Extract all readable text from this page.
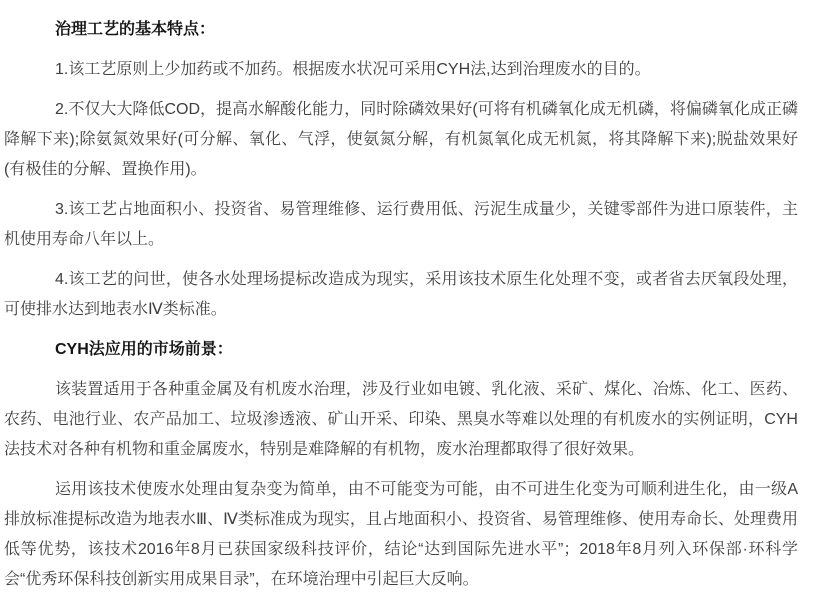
治理工艺的基本特点：

1.该工艺原则上少加药或不加药。根据废水状况可采用CYH法,达到治理废水的目的。

2.不仅大大降低COD，提高水解酸化能力，同时除磷效果好(可将有机磷氧化成无机磷，将偏磷氧化成正磷降解下来);除氨氮效果好(可分解、氧化、气浮，使氨氮分解，有机氮氧化成无机氮，将其降解下来);脱盐效果好(有极佳的分解、置换作用)。

3.该工艺占地面积小、投资省、易管理维修、运行费用低、污泥生成量少，关键零部件为进口原装件，主机使用寿命八年以上。

4.该工艺的问世，使各水处理场提标改造成为现实，采用该技术原生化处理不变，或者省去厌氧段处理，可使排水达到地表水Ⅳ类标准。

CYH法应用的市场前景：

该装置适用于各种重金属及有机废水治理，涉及行业如电镀、乳化液、采矿、煤化、冶炼、化工、医药、农药、电池行业、农产品加工、垃圾渗透液、矿山开采、印染、黑臭水等难以处理的有机废水的实例证明，CYH 法技术对各种有机物和重金属废水，特别是难降解的有机物，废水治理都取得了很好效果。

运用该技术使废水处理由复杂变为简单，由不可能变为可能，由不可进生化变为可顺利进生化，由一级A排放标准提标改造为地表水Ⅲ、Ⅳ类标准成为现实，且占地面积小、投资省、易管理维修、使用寿命长、处理费用低等优势，该技术2016年8月已获国家级科技评价，结论“达到国际先进水平”；2018年8月列入环保部·环科学会“优秀环保科技创新实用成果目录”，在环境治理中引起巨大反响。
